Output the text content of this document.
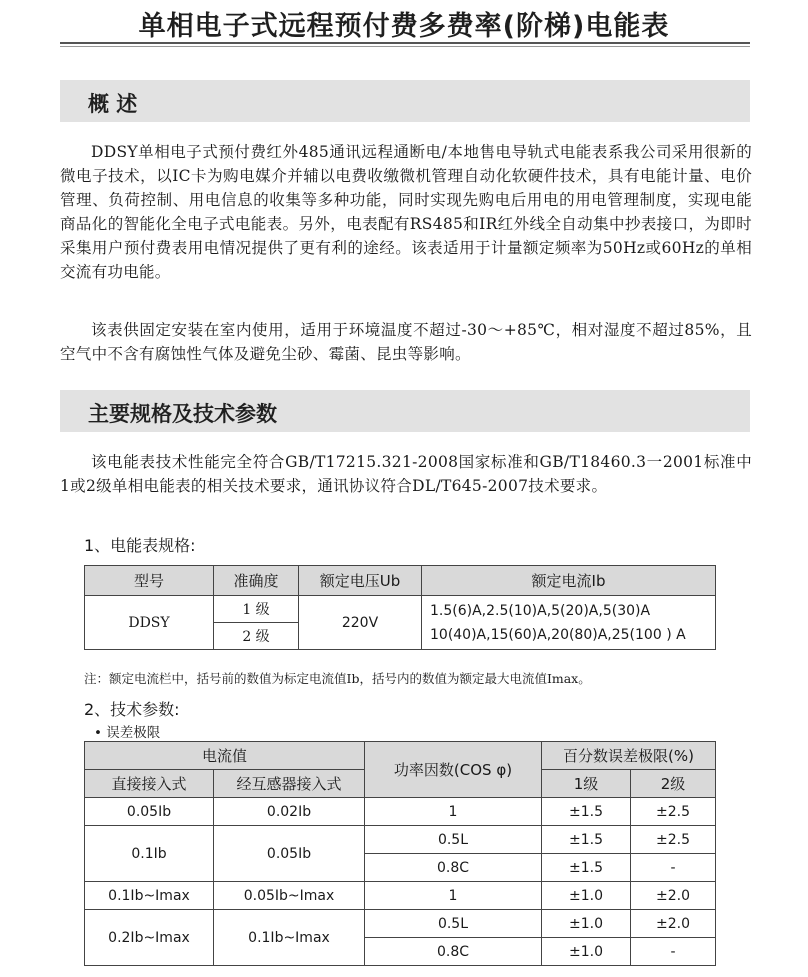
单相电子式远程预付费多费率(阶梯)电能表
概 述

DDSY单相电子式预付费红外485通讯远程通断电/本地售电导轨式电能表系我公司采用很新的微电子技术，以IC卡为购电媒介并辅以电费收缴微机管理自动化软硬件技术，具有电能计量、电价管理、负荷控制、用电信息的收集等多种功能，同时实现先购电后用电的用电管理制度，实现电能商品化的智能化全电子式电能表。另外，电表配有RS485和IR红外线全自动集中抄表接口，为即时采集用户预付费表用电情况提供了更有利的途经。该表适用于计量额定频率为50Hz或60Hz的单相交流有功电能。

该表供固定安装在室内使用，适用于环境温度不超过-30～+85℃，相对湿度不超过85%，且空气中不含有腐蚀性气体及避免尘砂、霉菌、昆虫等影响。

主要规格及技术参数

该电能表技术性能完全符合GB/T17215.321-2008国家标准和GB/T18460.3一2001标准中1或2级单相电能表的相关技术要求，通讯协议符合DL/T645-2007技术要求。

1、电能表规格:

型号	准确度	额定电压Ub	额定电流Ib
DDSY	1 级	220V	1.5(6)A,2.5(10)A,5(20)A,5(30)A
10(40)A,15(60)A,20(80)A,25(100 ) A

	2 级		

注：额定电流栏中，括号前的数值为标定电流值Ib，括号内的数值为额定最大电流值Imax。

2、技术参数:

• 误差极限

电流值		功率因数(COS φ)	百分数误差极限(%)	
直接接入式	经互感器接入式		1级	2级
0.05Ib	0.02Ib	1	±1.5	±2.5
0.1Ib	0.05Ib	0.5L	±1.5	±2.5
		0.8C	±1.5	-
0.1Ib~Imax	0.05Ib~Imax	1	±1.0	±2.0
0.2Ib~Imax	0.1Ib~Imax	0.5L	±1.0	±2.0
		0.8C	±1.0	-
